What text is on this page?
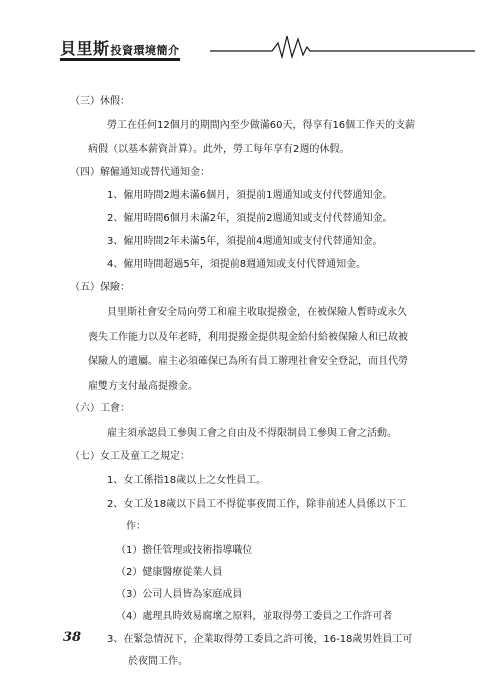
貝里斯投資環境簡介
（三）休假：
勞工在任何12個月的期間內至少做滿60天，得享有16個工作天的支薪
病假（以基本薪資計算）。此外，勞工每年享有2週的休假。
（四）解僱通知或替代通知金：
1、僱用時間2週未滿6個月，須提前1週通知或支付代替通知金。
2、僱用時間6個月未滿2年，須提前2週通知或支付代替通知金。
3、僱用時間2年未滿5年，須提前4週通知或支付代替通知金。
4、僱用時間超過5年，須提前8週通知或支付代替通知金。
（五）保險：
貝里斯社會安全局向勞工和雇主收取提撥金，在被保險人暫時或永久
喪失工作能力以及年老時，利用提撥金提供現金給付給被保險人和已故被
保險人的遺屬。雇主必須確保已為所有員工辦理社會安全登記，而且代勞
雇雙方支付最高提撥金。
（六）工會：
雇主須承認員工參與工會之自由及不得限制員工參與工會之活動。
（七）女工及童工之規定：
1、女工係指18歲以上之女性員工。
2、女工及18歲以下員工不得從事夜間工作，除非前述人員係以下工
作：
（1）擔任管理或技術指導職位
（2）健康醫療從業人員
（3）公司人員皆為家庭成員
（4）處理具時效易腐壞之原料，並取得勞工委員之工作許可者
3、在緊急情況下，企業取得勞工委員之許可後，16-18歲男姓員工可
於夜間工作。
38
